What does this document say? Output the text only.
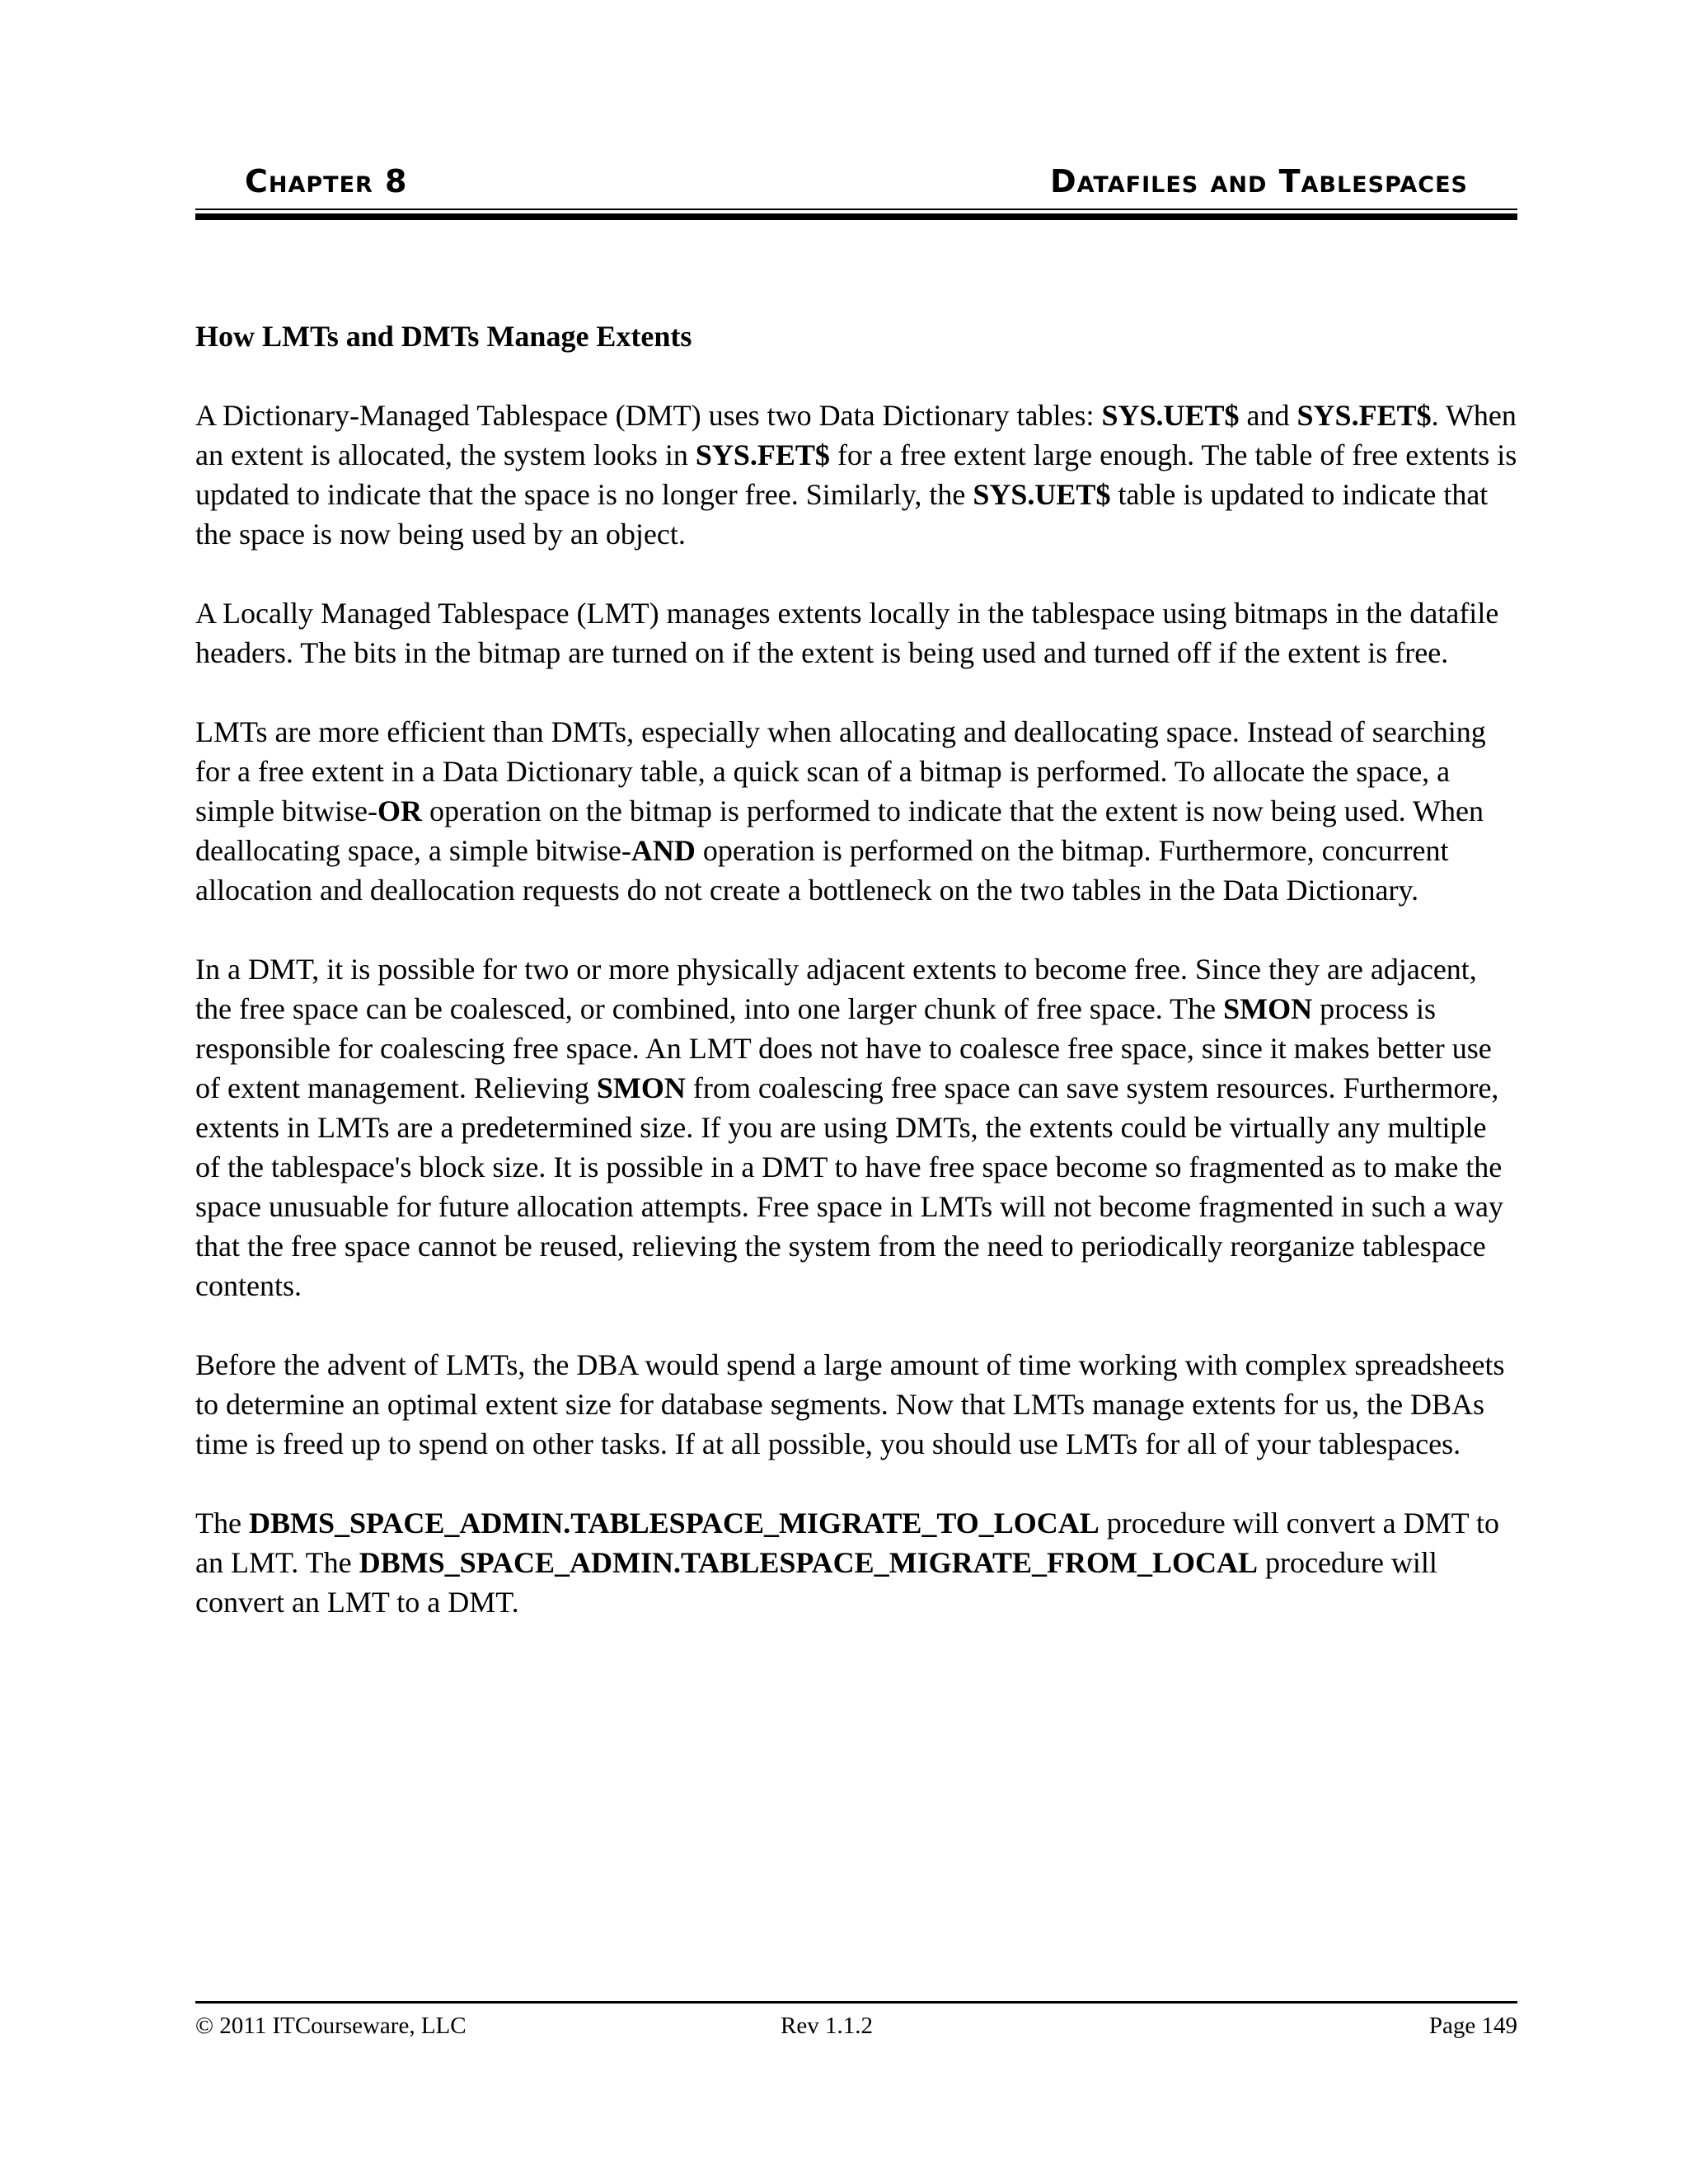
Chapter 8	Datafiles and Tablespaces
How LMTs and DMTs Manage Extents

A Dictionary-Managed Tablespace (DMT) uses two Data Dictionary tables: SYS.UET$ and SYS.FET$. When an extent is allocated, the system looks in SYS.FET$ for a free extent large enough. The table of free extents is updated to indicate that the space is no longer free. Similarly, the SYS.UET$ table is updated to indicate that the space is now being used by an object.

A Locally Managed Tablespace (LMT) manages extents locally in the tablespace using bitmaps in the datafile headers. The bits in the bitmap are turned on if the extent is being used and turned off if the extent is free.

LMTs are more efficient than DMTs, especially when allocating and deallocating space. Instead of searching for a free extent in a Data Dictionary table, a quick scan of a bitmap is performed. To allocate the space, a simple bitwise-OR operation on the bitmap is performed to indicate that the extent is now being used. When deallocating space, a simple bitwise-AND operation is performed on the bitmap. Furthermore, concurrent allocation and deallocation requests do not create a bottleneck on the two tables in the Data Dictionary.

In a DMT, it is possible for two or more physically adjacent extents to become free. Since they are adjacent, the free space can be coalesced, or combined, into one larger chunk of free space. The SMON process is responsible for coalescing free space. An LMT does not have to coalesce free space, since it makes better use of extent management. Relieving SMON from coalescing free space can save system resources. Furthermore, extents in LMTs are a predetermined size. If you are using DMTs, the extents could be virtually any multiple of the tablespace's block size. It is possible in a DMT to have free space become so fragmented as to make the space unusuable for future allocation attempts. Free space in LMTs will not become fragmented in such a way that the free space cannot be reused, relieving the system from the need to periodically reorganize tablespace contents.

Before the advent of LMTs, the DBA would spend a large amount of time working with complex spreadsheets to determine an optimal extent size for database segments. Now that LMTs manage extents for us, the DBAs time is freed up to spend on other tasks. If at all possible, you should use LMTs for all of your tablespaces.

The DBMS_SPACE_ADMIN.TABLESPACE_MIGRATE_TO_LOCAL procedure will convert a DMT to an LMT. The DBMS_SPACE_ADMIN.TABLESPACE_MIGRATE_FROM_LOCAL procedure will convert an LMT to a DMT.

© 2011 ITCourseware, LLC	Rev 1.1.2	Page 149
